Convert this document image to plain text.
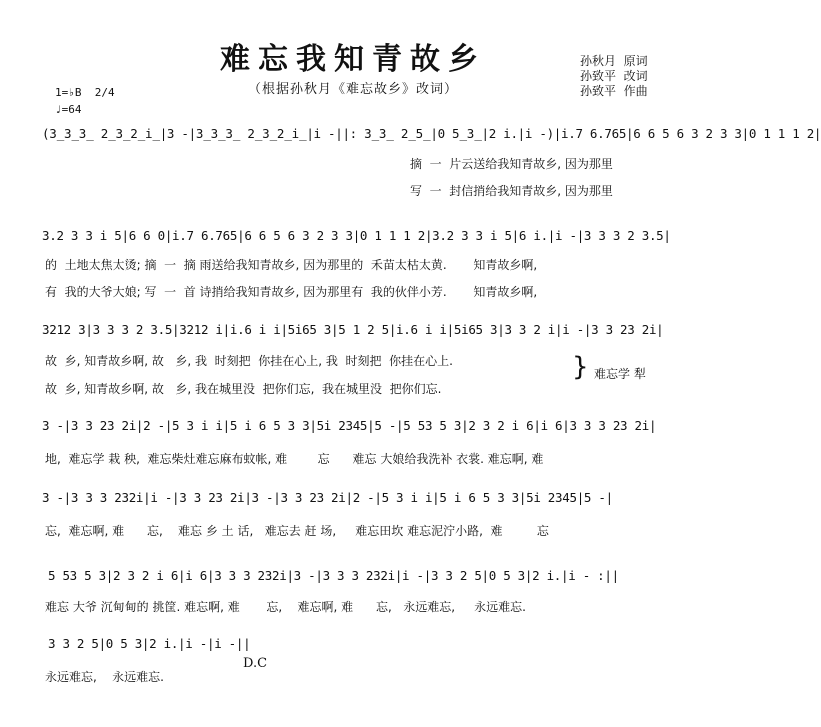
难忘我知青故乡
（根据孙秋月《难忘故乡》改词）
孙秋月  原词
孙致平  改词
孙致平  作曲
1=♭B  2/4
♩=64
(3̲3̲3̲ 2̲3̲2̲i̲|3 -|3̲3̲3̲ 2̲3̲2̲i̲|i -||: 3̲3̲ 2̲5̲|0 5̲3̲|2 i.|i -)|i.7 6.765|6 6 5 6 3 2 3 3|0 1 1 1 2|
摘  一  片云送给我知青故乡, 因为那里
写  一  封信捎给我知青故乡, 因为那里
3.2 3 3 i 5|6 6 0|i.7 6.765|6 6 5 6 3 2 3 3|0 1 1 1 2|3.2 3 3 i 5|6 i.|i -|3 3 3 2 3.5|
的  土地太焦太烫; 摘  一  摘 雨送给我知青故乡, 因为那里的  禾苗太枯太黄.       知青故乡啊,
有  我的大爷大娘; 写  一  首 诗捎给我知青故乡, 因为那里有  我的伙伴小芳.       知青故乡啊,
3212 3|3 3 3 2 3.5|3212 i|i.6 i i|5i65 3|5 1 2 5|i.6 i i|5i65 3|3 3 2 i|i -|3 3 23 2i|
故  乡, 知青故乡啊, 故   乡, 我  时刻把  你挂在心上, 我  时刻把  你挂在心上.
故  乡, 知青故乡啊, 故   乡, 我在城里没  把你们忘,  我在城里没  把你们忘.
} 难忘学 犁
3 -|3 3 23 2i|2 -|5 3 i i|5 i 6 5 3 3|5i 2345|5 -|5 53 5 3|2 3 2 i 6|i 6|3 3 3 23 2i|
地,  难忘学 栽 秧,  难忘柴灶难忘麻布蚊帐, 难        忘      难忘 大娘给我洗补 衣裳. 难忘啊, 难
3 -|3 3 3 232i|i -|3 3 23 2i|3 -|3 3 23 2i|2 -|5 3 i i|5 i 6 5 3 3|5i 2345|5 -|
忘,  难忘啊, 难      忘,    难忘 乡 土 话,   难忘去 赶 场,     难忘田坎 难忘泥泞小路,  难         忘
5 53 5 3|2 3 2 i 6|i 6|3 3 3 232i|3 -|3 3 3 232i|i -|3 3 2 5|0 5 3|2 i.|i - :||
难忘 大爷 沉甸甸的 挑筐. 难忘啊, 难       忘,    难忘啊, 难      忘,   永远难忘,     永远难忘.
3 3 2 5|0 5 3|2 i.|i -|i -||
D.C
永远难忘,    永远难忘.
